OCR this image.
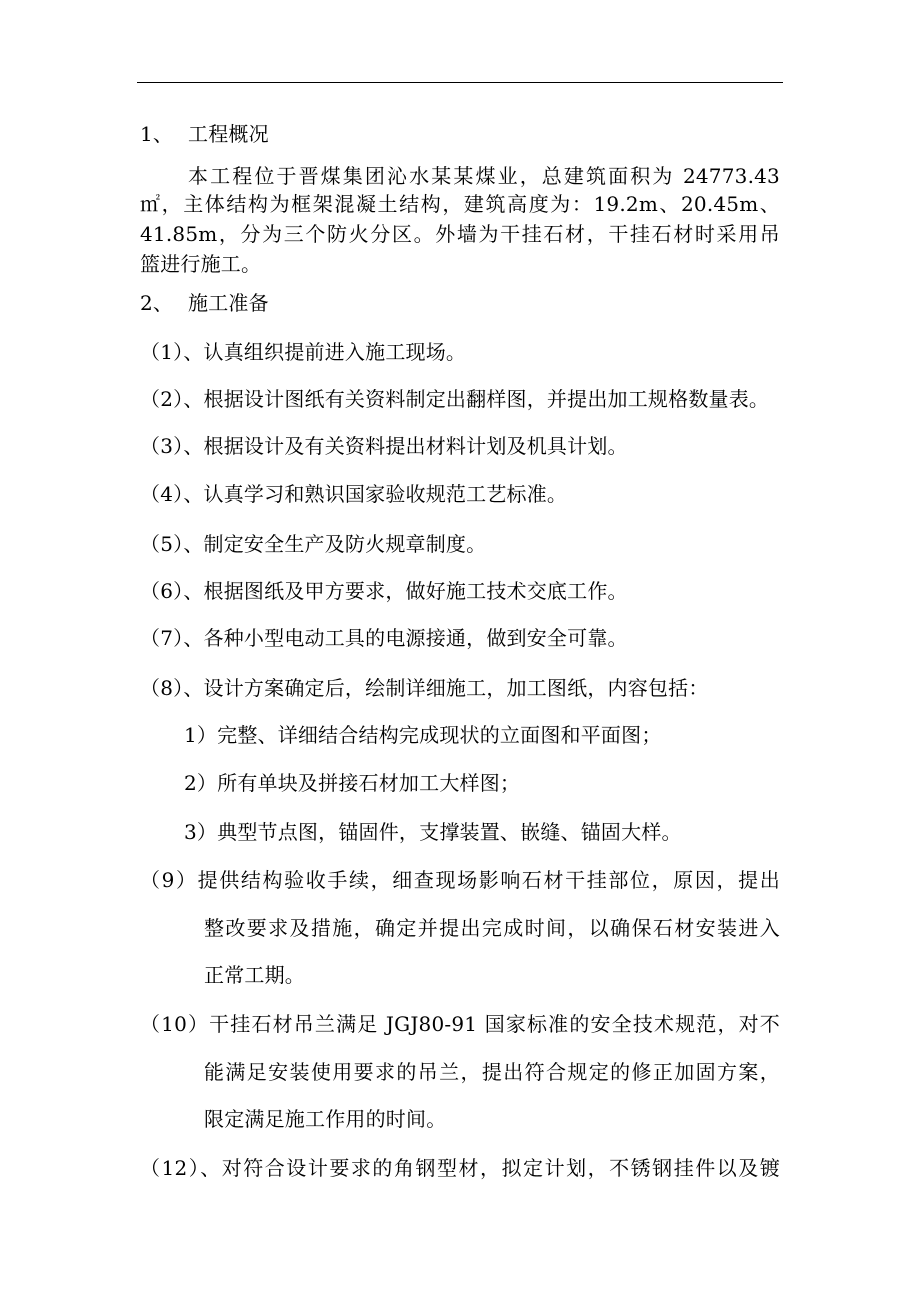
1、 工程概况
本工程位于晋煤集团沁水某某煤业，总建筑面积为 24773.43
㎡，主体结构为框架混凝土结构，建筑高度为：19.2m、20.45m、
41.85m，分为三个防火分区。外墙为干挂石材，干挂石材时采用吊
篮进行施工。
2、 施工准备
（1）、认真组织提前进入施工现场。
（2）、根据设计图纸有关资料制定出翻样图，并提出加工规格数量表。
（3）、根据设计及有关资料提出材料计划及机具计划。
（4）、认真学习和熟识国家验收规范工艺标准。
（5）、制定安全生产及防火规章制度。
（6）、根据图纸及甲方要求，做好施工技术交底工作。
（7）、各种小型电动工具的电源接通，做到安全可靠。
（8）、设计方案确定后，绘制详细施工，加工图纸，内容包括：
1）完整、详细结合结构完成现状的立面图和平面图；
2）所有单块及拼接石材加工大样图；
3）典型节点图，锚固件，支撑装置、嵌缝、锚固大样。
（9）提供结构验收手续，细查现场影响石材干挂部位，原因，提出
整改要求及措施，确定并提出完成时间，以确保石材安装进入
正常工期。
（10）干挂石材吊兰满足 JGJ80-91 国家标准的安全技术规范，对不
能满足安装使用要求的吊兰，提出符合规定的修正加固方案，
限定满足施工作用的时间。
（12）、对符合设计要求的角钢型材，拟定计划，不锈钢挂件以及镀
